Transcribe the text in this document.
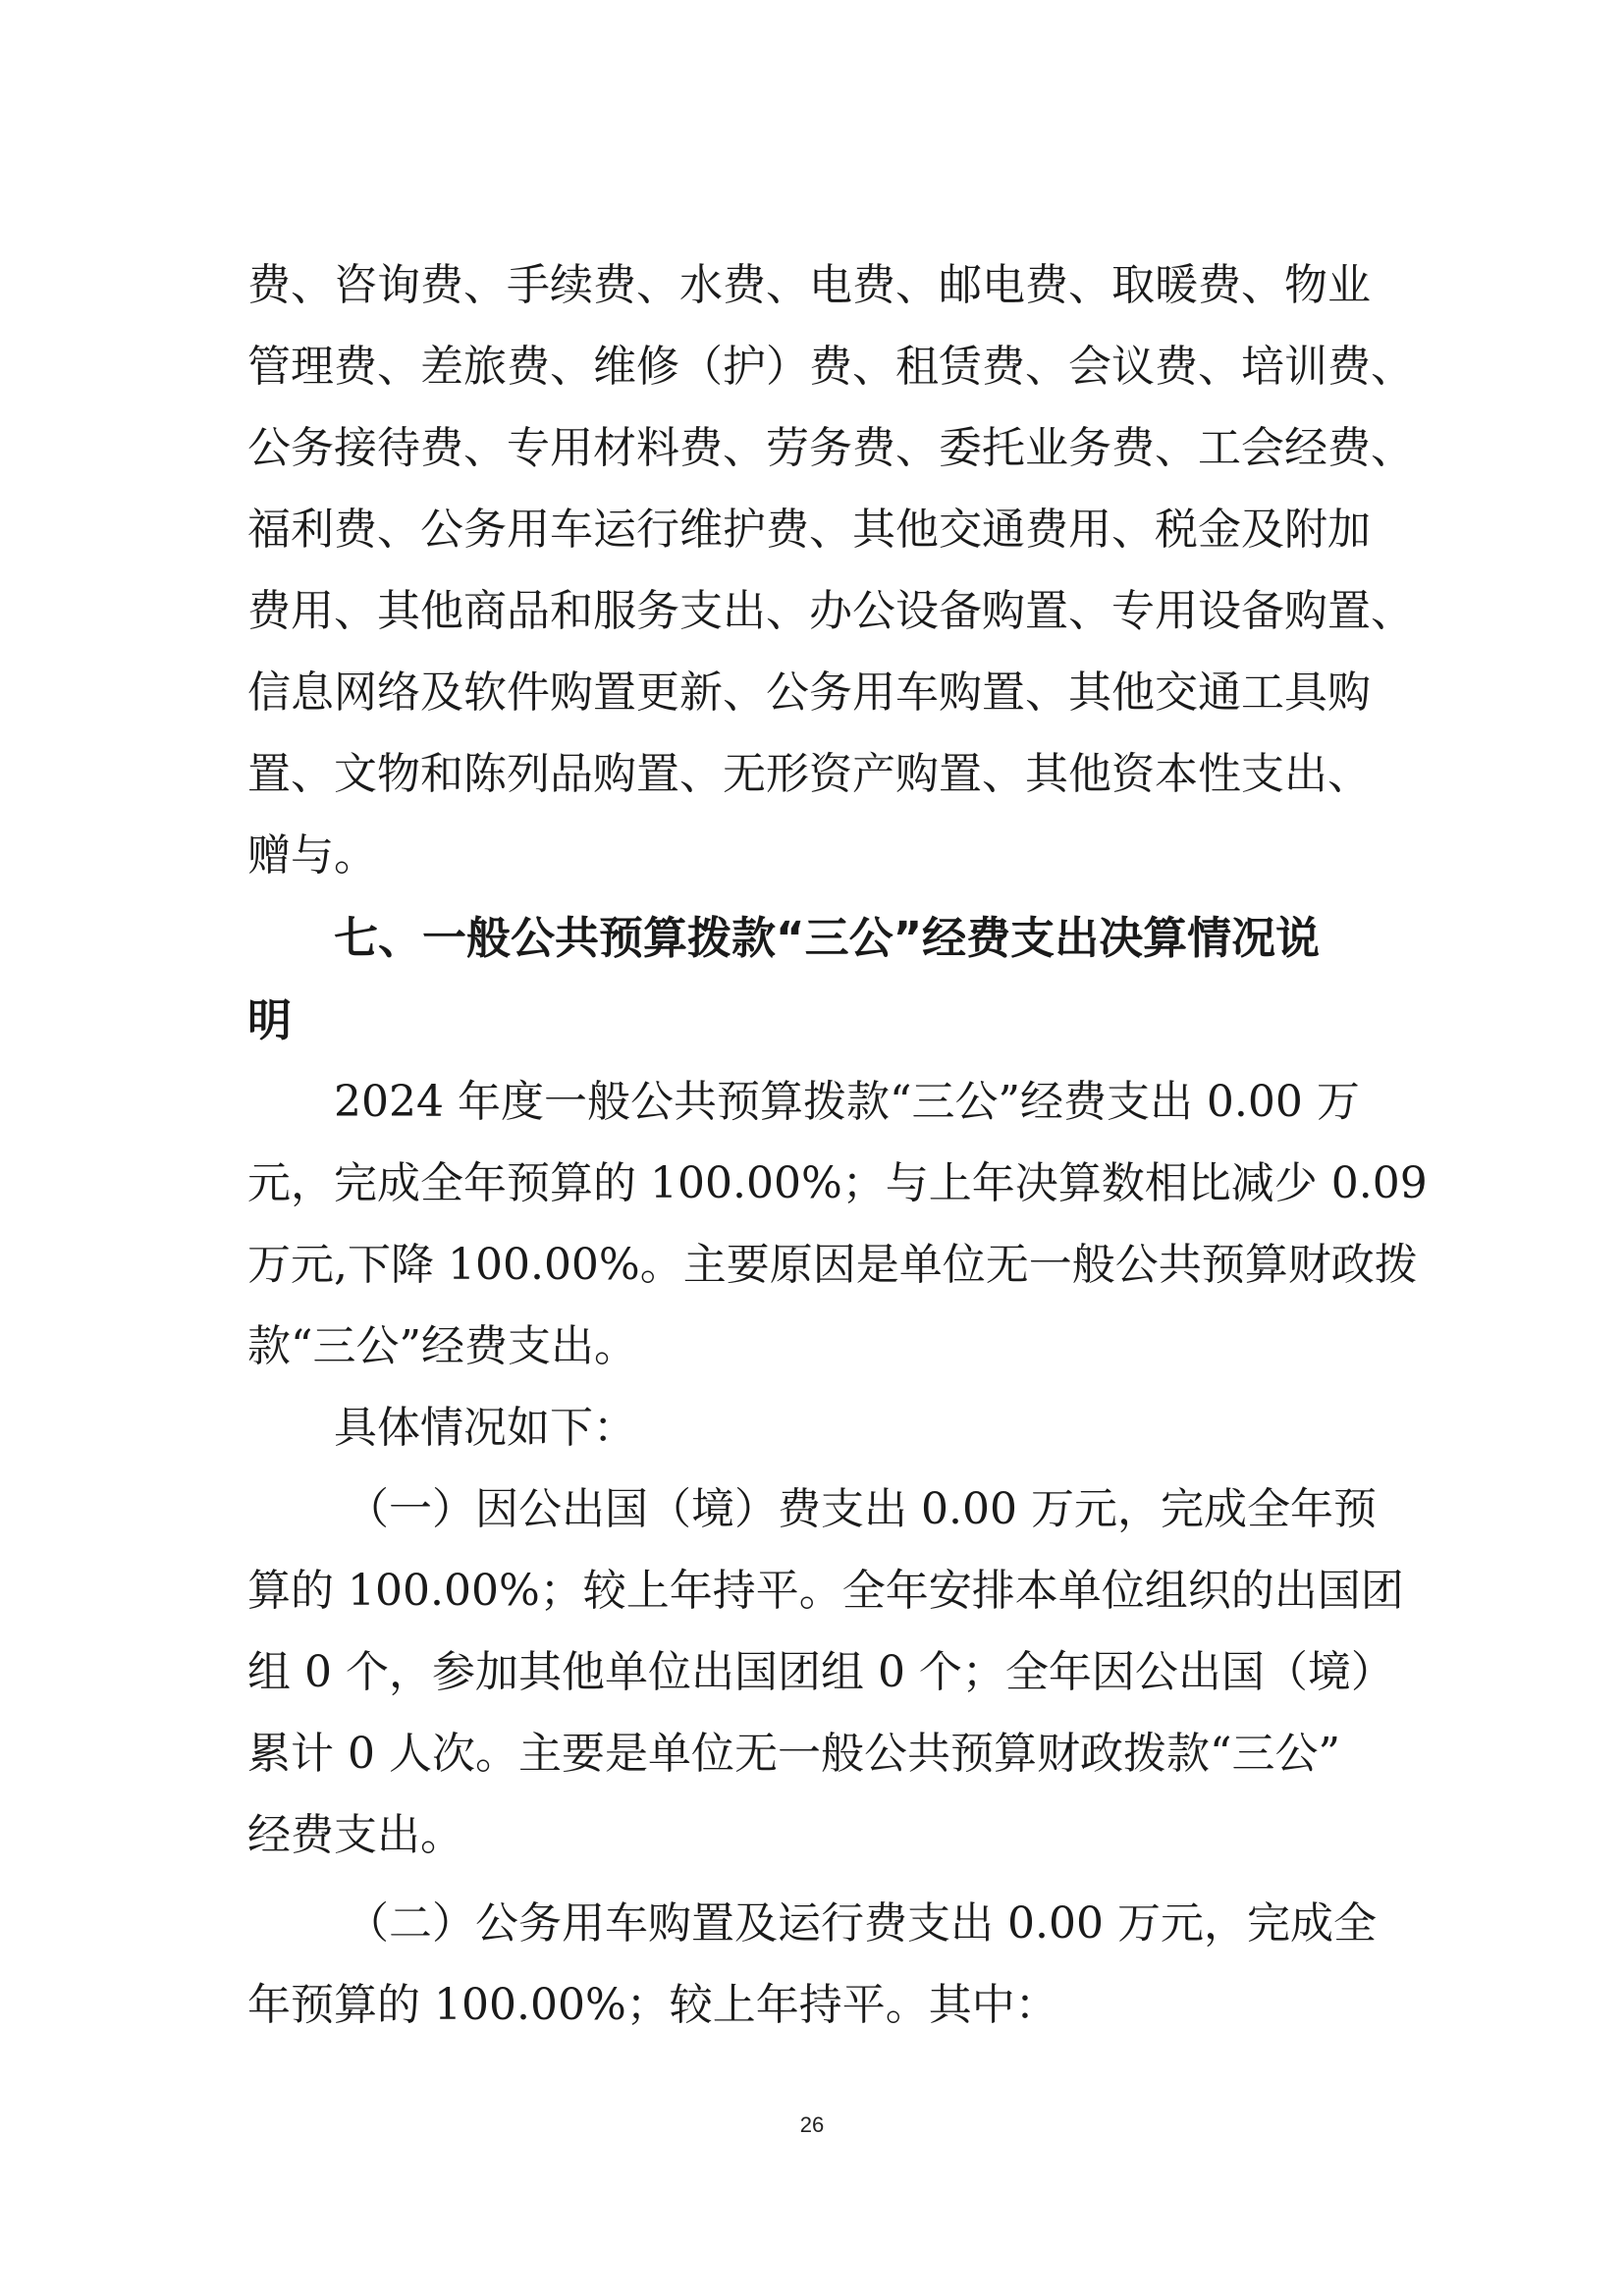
费、咨询费、手续费、水费、电费、邮电费、取暖费、物业
管理费、差旅费、维修（护）费、租赁费、会议费、培训费、
公务接待费、专用材料费、劳务费、委托业务费、工会经费、
福利费、公务用车运行维护费、其他交通费用、税金及附加
费用、其他商品和服务支出、办公设备购置、专用设备购置、
信息网络及软件购置更新、公务用车购置、其他交通工具购
置、文物和陈列品购置、无形资产购置、其他资本性支出、
赠与。
七、一般公共预算拨款“三公”经费支出决算情况说
明
2024 年度一般公共预算拨款“三公”经费支出 0.00 万
元，完成全年预算的 100.00%；与上年决算数相比减少 0.09
万元,下降 100.00%。主要原因是单位无一般公共预算财政拨
款“三公”经费支出。
具体情况如下：
（一）因公出国（境）费支出 0.00 万元，完成全年预
算的 100.00%；较上年持平。全年安排本单位组织的出国团
组 0 个，参加其他单位出国团组 0 个；全年因公出国（境）
累计 0 人次。主要是单位无一般公共预算财政拨款“三公”
经费支出。
（二）公务用车购置及运行费支出 0.00 万元，完成全
年预算的 100.00%；较上年持平。其中：
26
